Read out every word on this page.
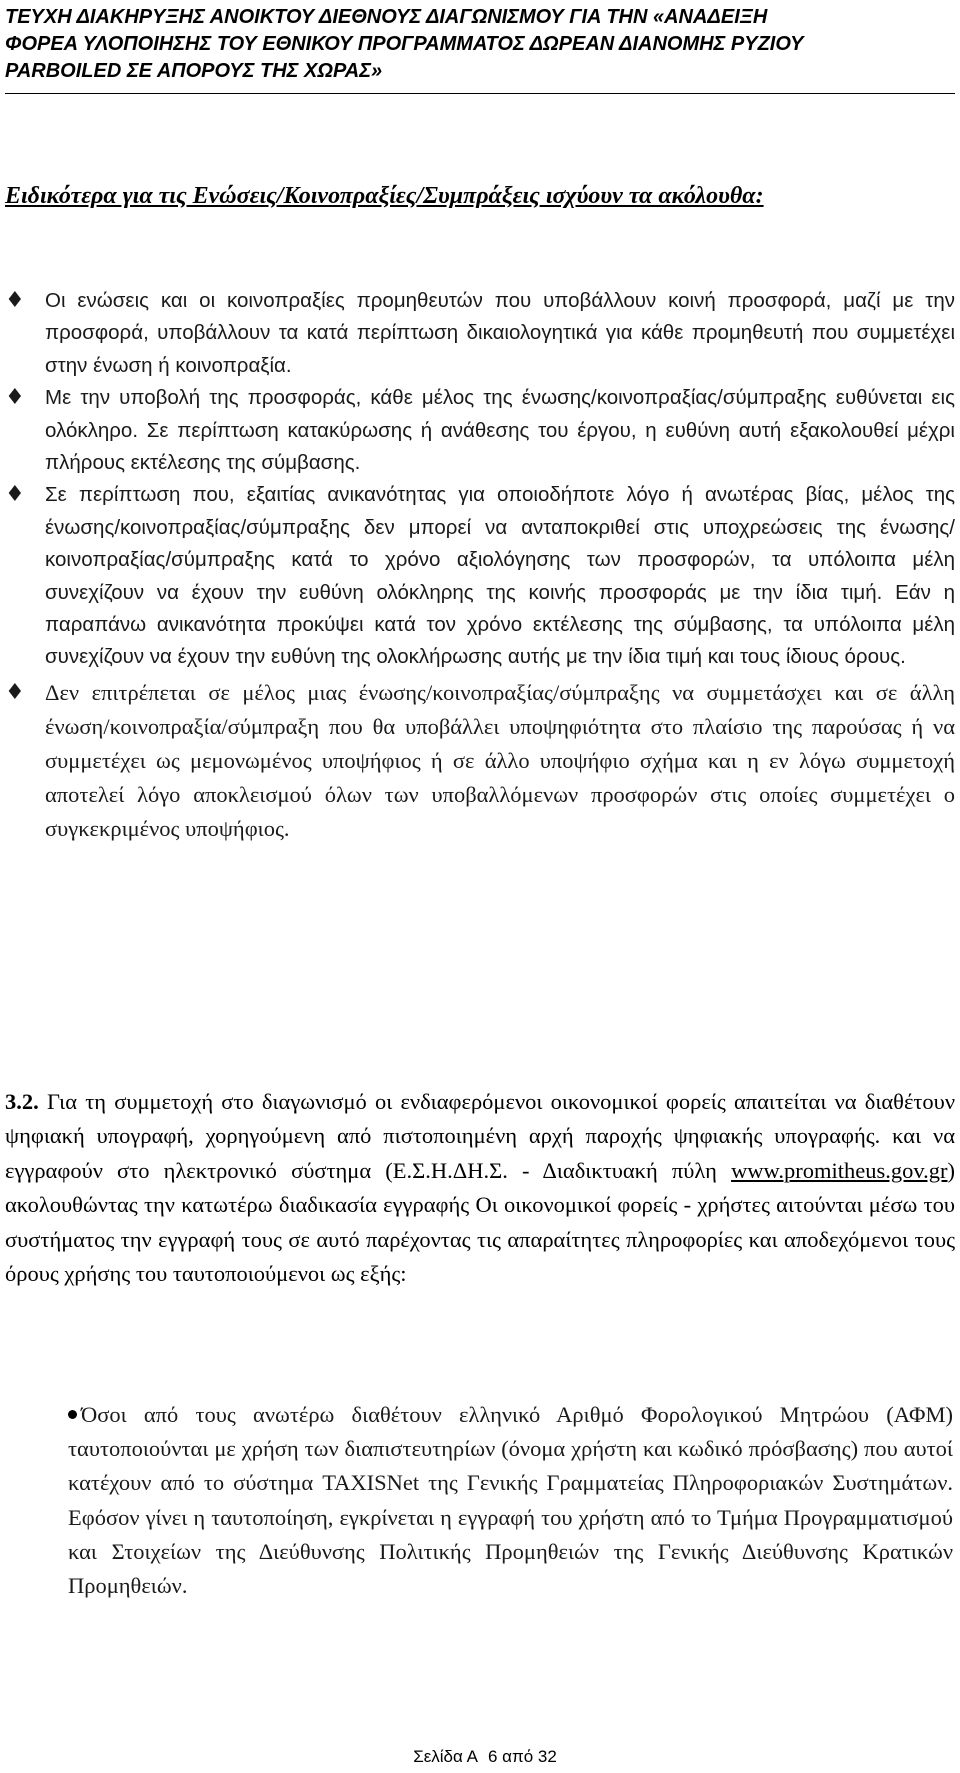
ΤΕΥΧΗ ΔΙΑΚΗΡΥΞΗΣ ΑΝΟΙΚΤΟΥ ΔΙΕΘΝΟΥΣ ΔΙΑΓΩΝΙΣΜΟΥ ΓΙΑ ΤΗΝ «ΑΝΑΔΕΙΞΗ
ΦΟΡΕΑ ΥΛΟΠΟΙΗΣΗΣ ΤΟΥ ΕΘΝΙΚΟΥ ΠΡΟΓΡΑΜΜΑΤΟΣ ΔΩΡΕΑΝ ΔΙΑΝΟΜΗΣ ΡΥΖΙΟΥ
PARBOILED ΣΕ ΑΠΟΡΟΥΣ ΤΗΣ ΧΩΡΑΣ»
Ειδικότερα για τις Ενώσεις/Κοινοπραξίες/Συμπράξεις ισχύουν τα ακόλουθα:
♦ Οι ενώσεις και οι κοινοπραξίες προμηθευτών που υποβάλλουν κοινή προσφορά, μαζί με την προσφορά, υποβάλλουν τα κατά περίπτωση δικαιολογητικά για κάθε προμηθευτή που συμμετέχει στην ένωση ή κοινοπραξία.
♦ Με την υποβολή της προσφοράς, κάθε μέλος της ένωσης/κοινοπραξίας/σύμπραξης ευθύνεται εις ολόκληρο. Σε περίπτωση κατακύρωσης ή ανάθεσης του έργου, η ευθύνη αυτή εξακολουθεί μέχρι πλήρους εκτέλεσης της σύμβασης.
♦ Σε περίπτωση που, εξαιτίας ανικανότητας για οποιοδήποτε λόγο ή ανωτέρας βίας, μέλος της ένωσης/κοινοπραξίας/σύμπραξης δεν μπορεί να ανταποκριθεί στις υποχρεώσεις της ένωσης/κοινοπραξίας/σύμπραξης κατά το χρόνο αξιολόγησης των προσφορών, τα υπόλοιπα μέλη συνεχίζουν να έχουν την ευθύνη ολόκληρης της κοινής προσφοράς με την ίδια τιμή. Εάν η παραπάνω ανικανότητα προκύψει κατά τον χρόνο εκτέλεσης της σύμβασης, τα υπόλοιπα μέλη συνεχίζουν να έχουν την ευθύνη της ολοκλήρωσης αυτής με την ίδια τιμή και τους ίδιους όρους.
♦ Δεν επιτρέπεται σε μέλος μιας ένωσης/κοινοπραξίας/σύμπραξης να συμμετάσχει και σε άλλη ένωση/κοινοπραξία/σύμπραξη που θα υποβάλλει υποψηφιότητα στο πλαίσιο της παρούσας ή να συμμετέχει ως μεμονωμένος υποψήφιος ή σε άλλο υποψήφιο σχήμα και η εν λόγω συμμετοχή αποτελεί λόγο αποκλεισμού όλων των υποβαλλόμενων προσφορών στις οποίες συμμετέχει ο συγκεκριμένος υποψήφιος.
3.2. Για τη συμμετοχή στο διαγωνισμό οι ενδιαφερόμενοι οικονομικοί φορείς απαιτείται να διαθέτουν ψηφιακή υπογραφή, χορηγούμενη από πιστοποιημένη αρχή παροχής ψηφιακής υπογραφής. και να εγγραφούν στο ηλεκτρονικό σύστημα (Ε.Σ.Η.ΔΗ.Σ. - Διαδικτυακή πύλη www.promitheus.gov.gr) ακολουθώντας την κατωτέρω διαδικασία εγγραφής Οι οικονομικοί φορείς - χρήστες αιτούνται μέσω του συστήματος την εγγραφή τους σε αυτό παρέχοντας τις απαραίτητες πληροφορίες και αποδεχόμενοι τους όρους χρήσης του ταυτοποιούμενοι ως εξής:
Όσοι από τους ανωτέρω διαθέτουν ελληνικό Αριθμό Φορολογικού Μητρώου (ΑΦΜ) ταυτοποιούνται με χρήση των διαπιστευτηρίων (όνομα χρήστη και κωδικό πρόσβασης) που αυτοί κατέχουν από το σύστημα TAXISNet της Γενικής Γραμματείας Πληροφοριακών Συστημάτων. Εφόσον γίνει η ταυτοποίηση, εγκρίνεται η εγγραφή του χρήστη από το Τμήμα Προγραμματισμού και Στοιχείων της Διεύθυνσης Πολιτικής Προμηθειών της Γενικής Διεύθυνσης Κρατικών Προμηθειών.
Σελίδα Α 6 από 32
